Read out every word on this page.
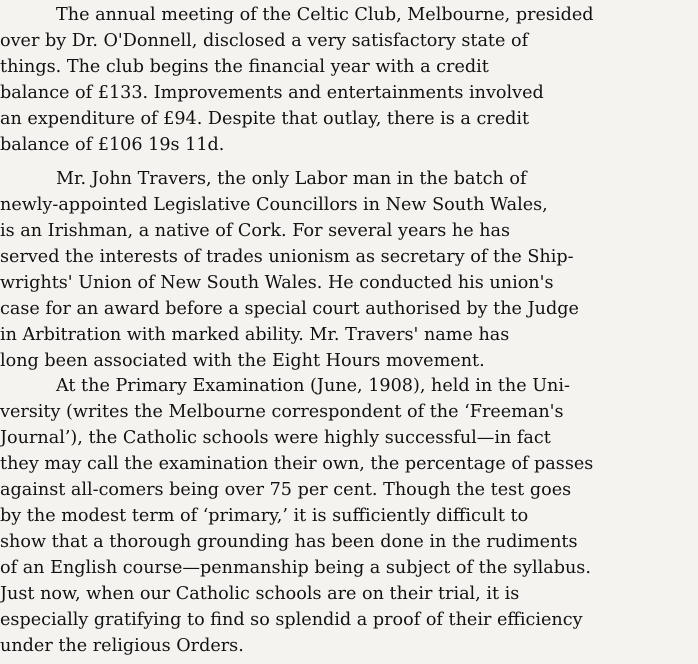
The annual meeting of the Celtic Club, Melbourne, presided
over by Dr. O'Donnell, disclosed a very satisfactory state of
things. The club begins the financial year with a credit
balance of £133. Improvements and entertainments involved
an expenditure of £94. Despite that outlay, there is a credit
balance of £106 19s 11d.
Mr. John Travers, the only Labor man in the batch of
newly-appointed Legislative Councillors in New South Wales,
is an Irishman, a native of Cork. For several years he has
served the interests of trades unionism as secretary of the Ship-
wrights' Union of New South Wales. He conducted his union's
case for an award before a special court authorised by the Judge
in Arbitration with marked ability. Mr. Travers' name has
long been associated with the Eight Hours movement.
At the Primary Examination (June, 1908), held in the Uni-
versity (writes the Melbourne correspondent of the ‘Freeman's
Journal’), the Catholic schools were highly successful—in fact
they may call the examination their own, the percentage of passes
against all-comers being over 75 per cent. Though the test goes
by the modest term of ‘primary,’ it is sufficiently difficult to
show that a thorough grounding has been done in the rudiments
of an English course—penmanship being a subject of the syllabus.
Just now, when our Catholic schools are on their trial, it is
especially gratifying to find so splendid a proof of their efficiency
under the religious Orders.
